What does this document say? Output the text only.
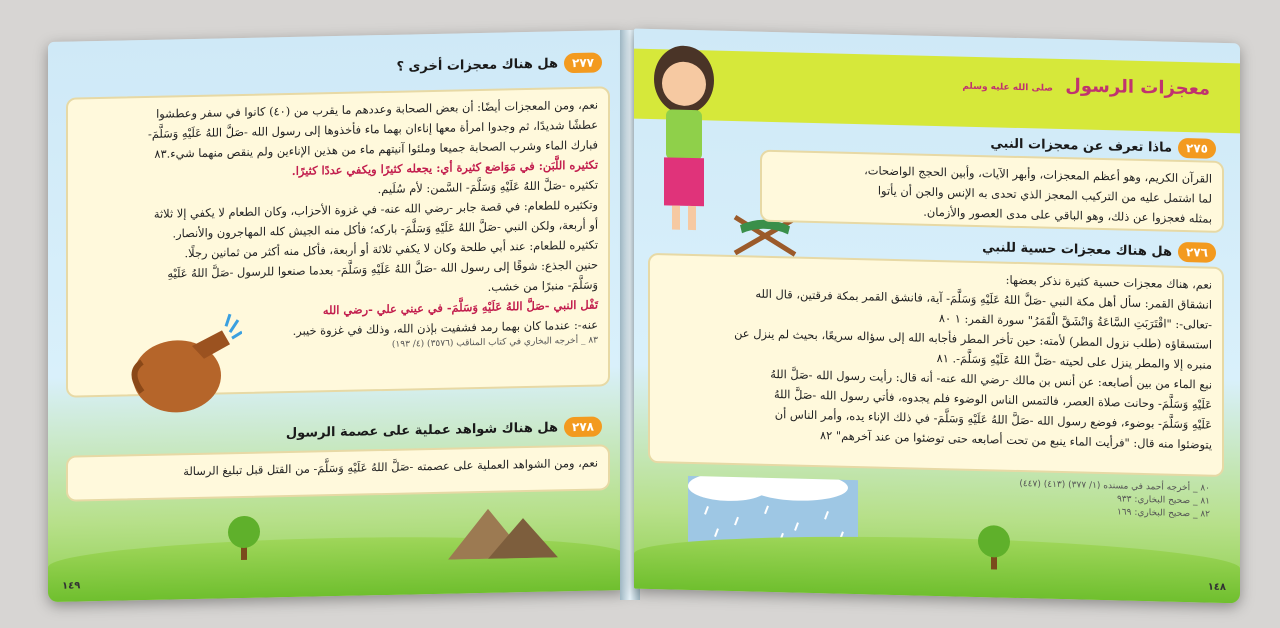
٢٧٧
هل هناك معجزات أخرى ؟

نعم، ومن المعجزات أيضًا: أن بعض الصحابة وعددهم ما يقرب من (٤٠) كانوا في سفر وعطشوا

عطشًا شديدًا، ثم وجدوا امرأة معها إناءان بهما ماء فأخذوها إلى رسول الله -صَلَّ اللهُ عَلَيْهِ وَسَلَّمَ-

فبارك الماء وشرب الصحابة جميعا وملئوا آنيتهم ماء من هذين الإناءين ولم ينقص منهما شيء.٨٣

تكثيره اللَّبَن: في مَوَاضع كثيرة أي: يجعله كثيرًا ويكفي عددًا كثيرًا.

تكثيره -صَلَّ اللهُ عَلَيْهِ وَسَلَّمَ- السَّمن: لأم سُلَيم.

وتكثيره للطعام: في قصة جابر -رضي الله عنه- في غزوة الأحزاب، وكان الطعام لا يكفي إلا ثلاثة

أو أربعة، ولكن النبي -صَلَّ اللهُ عَلَيْهِ وَسَلَّمَ- باركه؛ فأكل منه الجيش كله المهاجرون والأنصار.

تكثيره للطعام: عند أبي طلحة وكان لا يكفي ثلاثة أو أربعة، فأكل منه أكثر من ثمانين رجلًا.

حنين الجذع: شوقًا إلى رسول الله -صَلَّ اللهُ عَلَيْهِ وَسَلَّمَ- بعدما صنعوا للرسول -صَلَّ اللهُ عَلَيْهِ

وَسَلَّمَ- منبرًا من خشب.

تَفْل النبي -صَلَّ اللهُ عَلَيْهِ وَسَلَّمَ- في عيني علي -رضي الله

عنه-: عندما كان بهما رمد فشفيت بإذن الله، وذلك في غزوة خيبر.

٨٣ _ أخرجه البخاري في كتاب المناقب (٣٥٧٦) (٤/ ١٩٣)

٢٧٨
هل هناك شواهد عملية على عصمة الرسول

نعم، ومن الشواهد العملية على عصمته -صَلَّ اللهُ عَلَيْهِ وَسَلَّمَ- من القتل قبل تبليغ الرسالة

١٤٩
معجزات الرسول صلى الله عليه وسلم
٢٧٥
ماذا تعرف عن معجزات النبي

القرآن الكريم، وهو أعظم المعجزات، وأبهر الآيات، وأبين الحجج الواضحات،

لما اشتمل عليه من التركيب المعجز الذي تحدى به الإنس والجن أن يأتوا

بمثله فعجزوا عن ذلك، وهو الباقي على مدى العصور والأزمان.

٢٧٦
هل هناك معجزات حسية للنبي

نعم، هناك معجزات حسية كثيرة نذكر بعضها:

انشقاق القمر: سأل أهل مكة النبي -صَلَّ اللهُ عَلَيْهِ وَسَلَّمَ- آية، فانشق القمر بمكة فرقتين، قال الله

-تعالى-: "اقْتَرَبَتِ السَّاعَةُ وَانْشَقَّ الْقَمَرُ" سورة القمر: ١ ٨٠

استسقاؤه (طلب نزول المطر) لأمته: حين تأخر المطر فأجابه الله إلى سؤاله سريعًا، بحيث لم ينزل عن

منبره إلا والمطر ينزل على لحيته -صَلَّ اللهُ عَلَيْهِ وَسَلَّمَ-. ٨١

نبع الماء من بين أصابعه: عن أنس بن مالك -رضي الله عنه- أنه قال: رأيت رسول الله -صَلَّ اللهُ

عَلَيْهِ وَسَلَّمَ- وحانت صلاة العصر، فالتمس الناس الوضوء فلم يجدوه، فأتي رسول الله -صَلَّ اللهُ

عَلَيْهِ وَسَلَّمَ- بوضوء، فوضع رسول الله -صَلَّ اللهُ عَلَيْهِ وَسَلَّمَ- في ذلك الإناء يده، وأمر الناس أن

يتوضئوا منه قال: "فرأيت الماء ينبع من تحت أصابعه حتى توضئوا من عند آخرهم" ٨٢

٨٠ _ أخرجه أحمد في مسنده (١/ ٣٧٧) (٤١٣) (٤٤٧)
٨١ _ صحيح البخاري: ٩٣٣
٨٢ _ صحيح البخاري: ١٦٩
١٤٨
